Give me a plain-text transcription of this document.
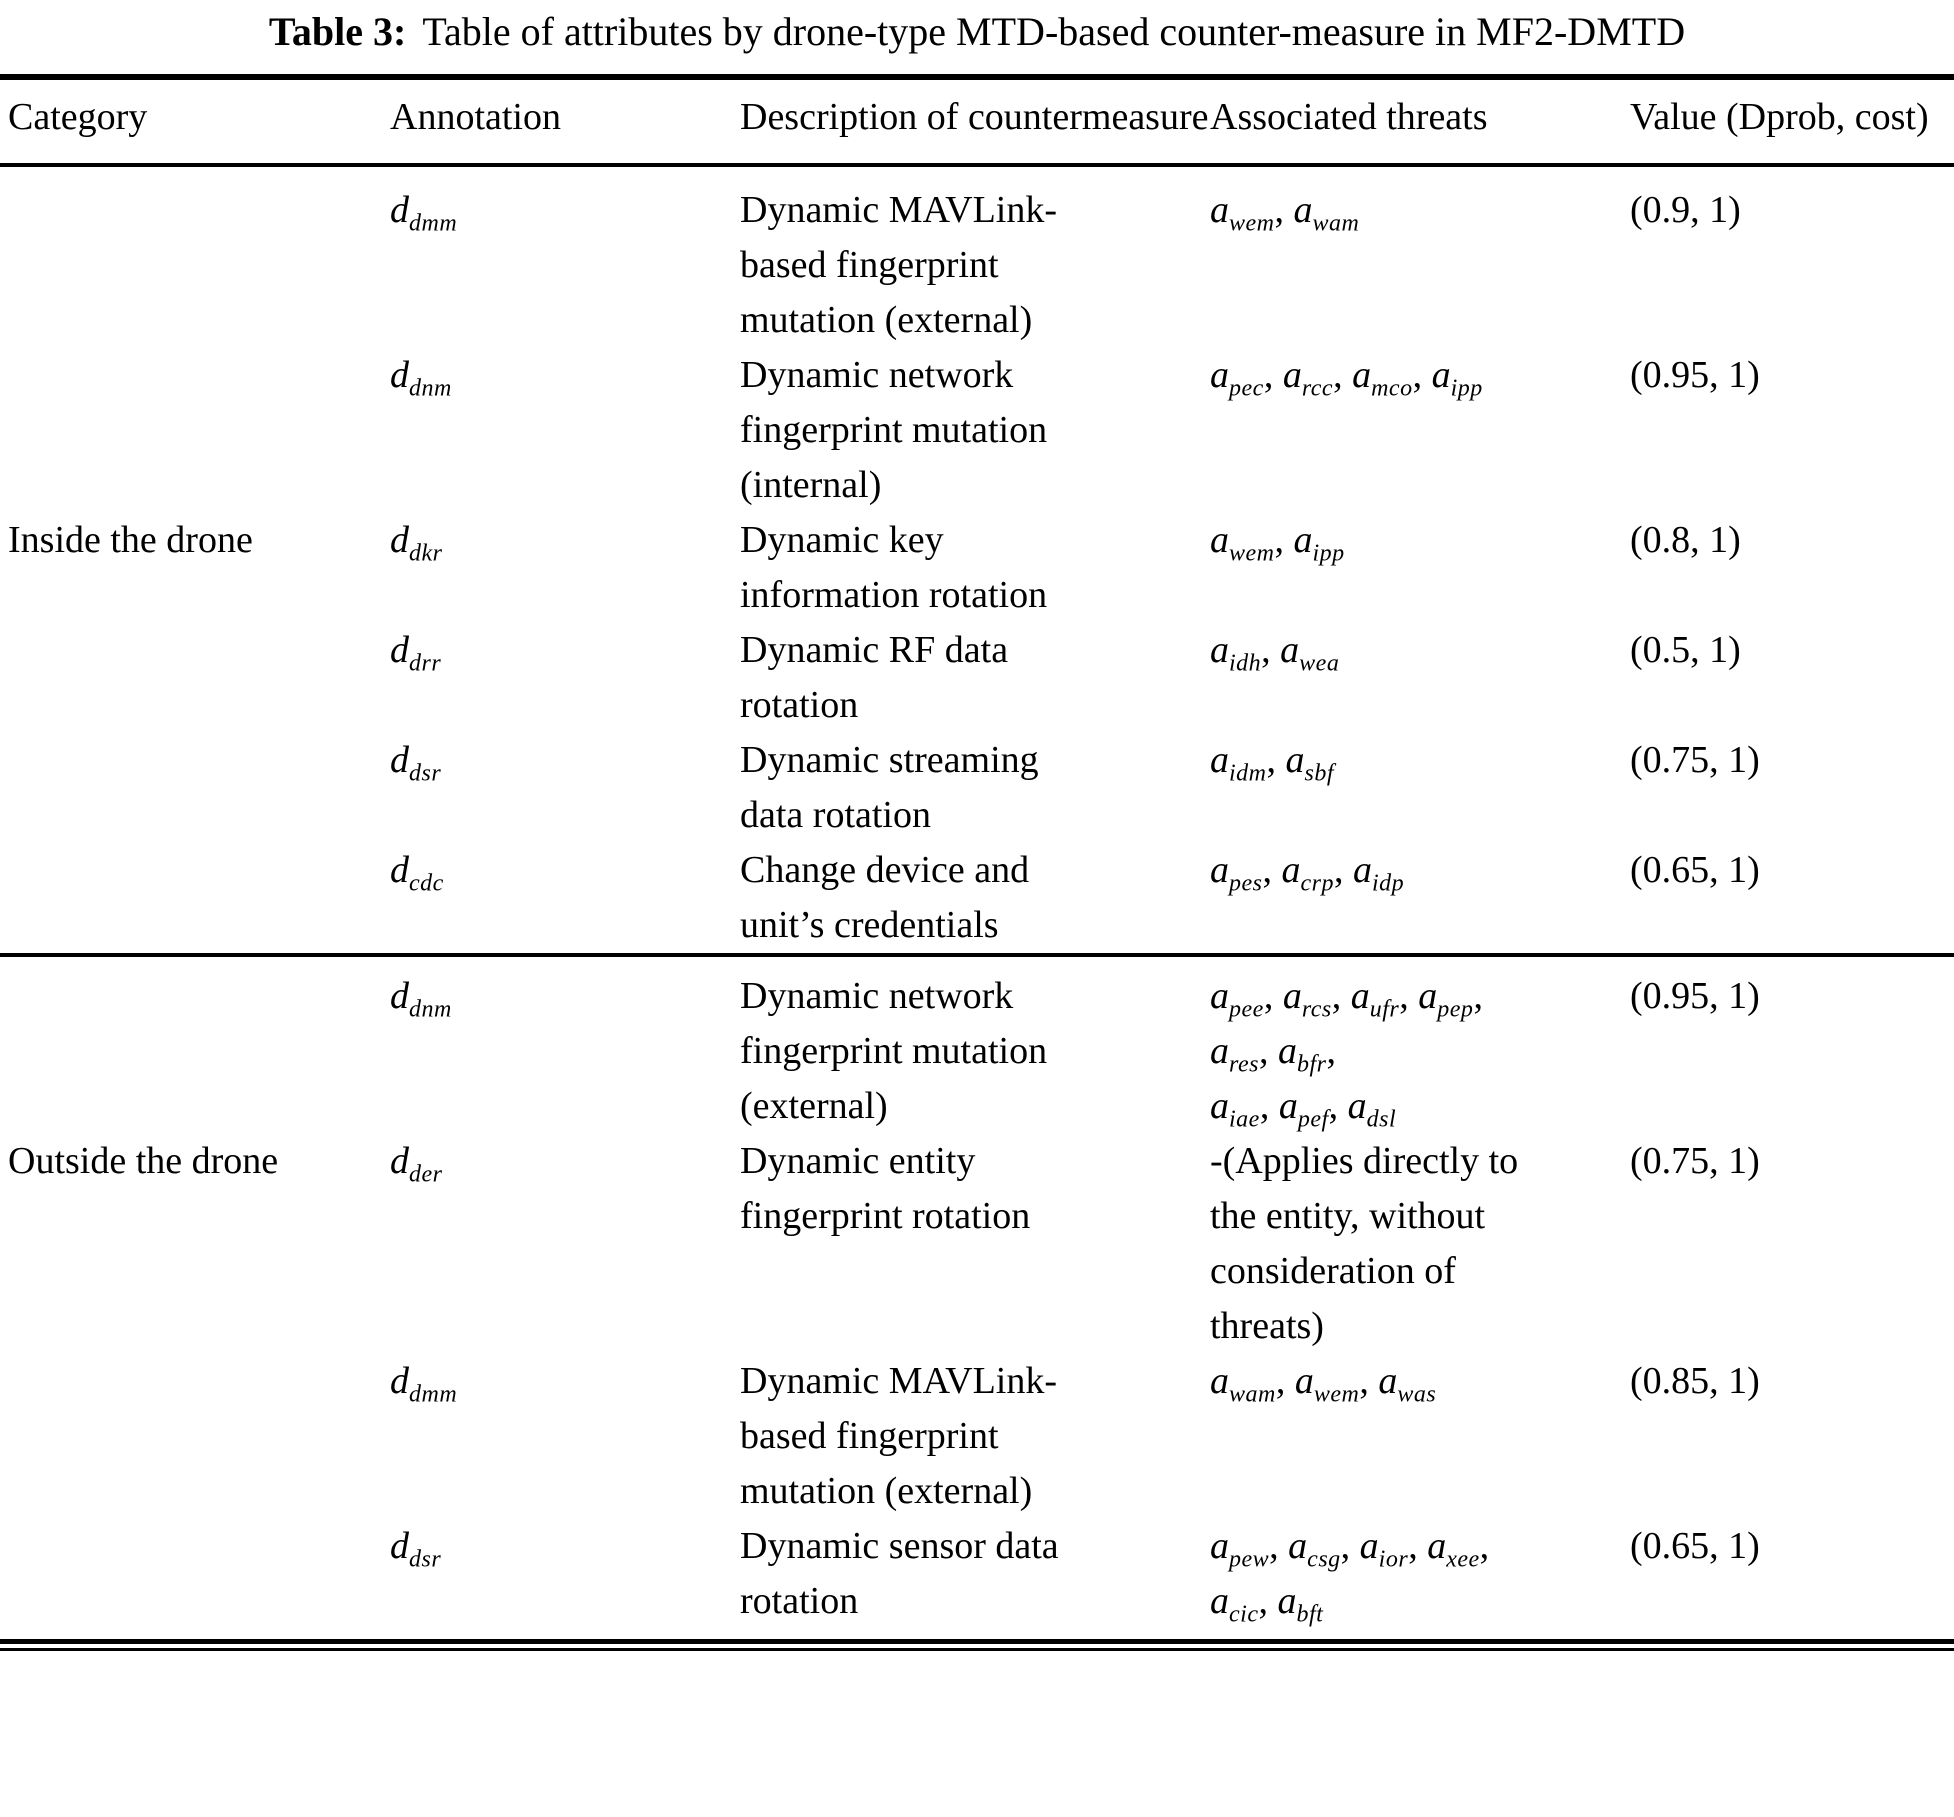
Table 3: Table of attributes by drone-type MTD-based counter-measure in MF2-DMTD
Category	Annotation	Description of countermeasure	Associated threats	Value (Dprob, cost)
	$d_{dmm}$	Dynamic MAVLink-based fingerprint mutation (external)	$a_{wem}$, $a_{wam}$	(0.9, 1)
	$d_{dnm}$	Dynamic network fingerprint mutation (internal)	$a_{pec}$, $a_{rcc}$, $a_{mco}$, $a_{ipp}$	(0.95, 1)
Inside the drone	$d_{dkr}$	Dynamic key information rotation	$a_{wem}$, $a_{ipp}$	(0.8, 1)
	$d_{drr}$	Dynamic RF data rotation	$a_{idh}$, $a_{wea}$	(0.5, 1)
	$d_{dsr}$	Dynamic streaming data rotation	$a_{idm}$, $a_{sbf}$	(0.75, 1)
	$d_{cdc}$	Change device and unit’s credentials	$a_{pes}$, $a_{crp}$, $a_{idp}$	(0.65, 1)
	$d_{dnm}$	Dynamic network fingerprint mutation (external)	$a_{pee}$, $a_{rcs}$, $a_{ufr}$, $a_{pep}$,
$a_{res}$, $a_{bfr}$,
$a_{iae}$, $a_{pef}$, $a_{dsl}$	(0.95, 1)
Outside the drone	$d_{der}$	Dynamic entity fingerprint rotation	-(Applies directly to the entity, without consideration of threats)	(0.75, 1)
	$d_{dmm}$	Dynamic MAVLink-based fingerprint mutation (external)	$a_{wam}$, $a_{wem}$, $a_{was}$	(0.85, 1)
	$d_{dsr}$	Dynamic sensor data rotation	$a_{pew}$, $a_{csg}$, $a_{ior}$, $a_{xee}$,
$a_{cic}$, $a_{bft}$	(0.65, 1)
